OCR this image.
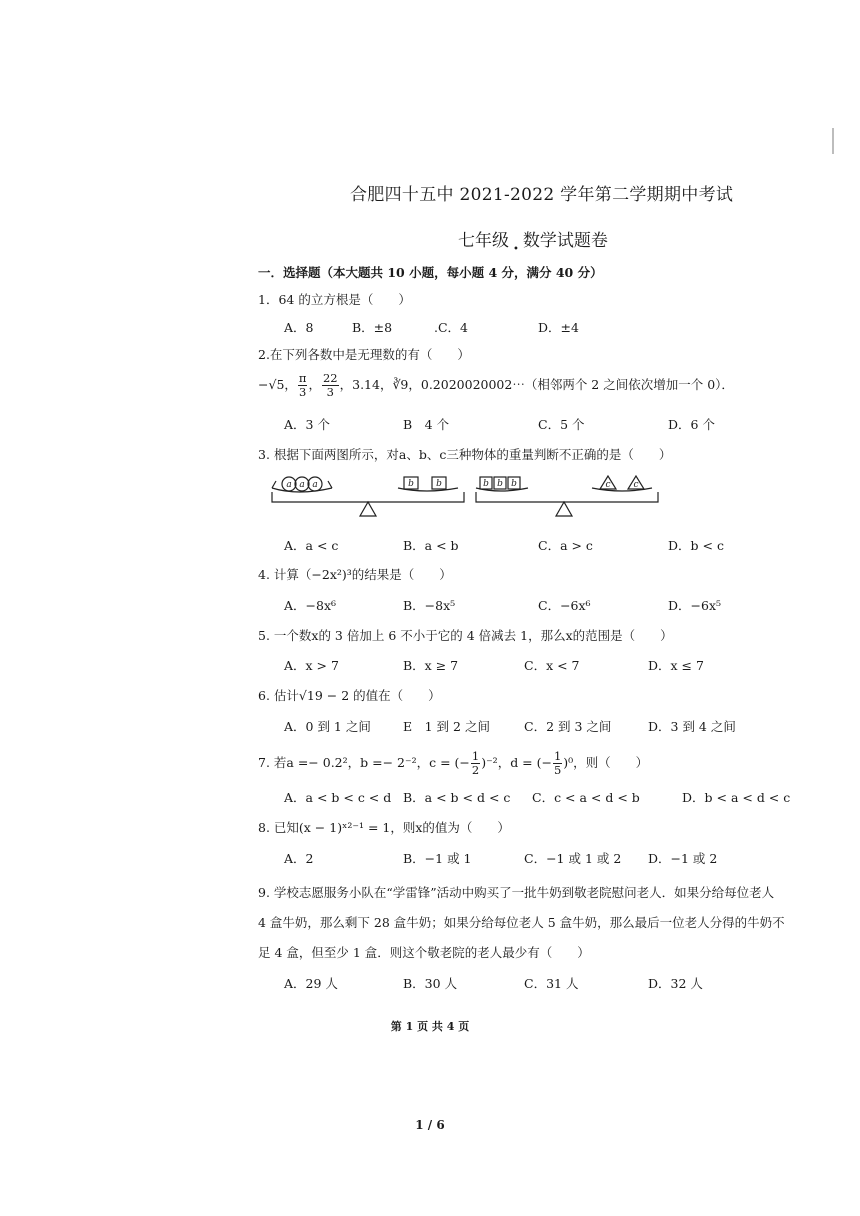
合肥四十五中 2021-2022 学年第二学期期中考试
七年级 $_•$ 数学试题卷
一．选择题（本大题共 10 小题，每小题 4 分，满分 40 分）
1．64 的立方根是（　　）
A．8	B．±8	.C．4	D．±4
2.在下列各数中是无理数的有（　　）
−√5， $\frac{\pi}{3}$ ， $\frac{22}{3}$ ，3.14，∛9，0.2020020002⋯（相邻两个 2 之间依次增加一个 0）．
A．3 个	B　4 个	C．5 个	D．6 个
3. 根据下面两图所示，对a、b、c三种物体的重量判断不正确的是（　　）
a a a	b b	b b b	c	c
A．a < c	B．a < b	C．a > c	D．b < c
4. 计算（−2x²)³的结果是（　　）
A．−8x⁶	B．−8x⁵	C．−6x⁶	D．−6x⁵
5. 一个数x的 3 倍加上 6 不小于它的 4 倍减去 1，那么x的范围是（　　）
A．x > 7	B．x ≥ 7	C．x < 7	D．x ≤ 7
6. 估计√19 − 2 的值在（　　）
A．0 到 1 之间	E　1 到 2 之间	C．2 到 3 之间	D．3 到 4 之间
7. 若a =− 0.2²，b =− 2⁻²，c = (− $\frac{1}{2} )^{-2}$，d = (− $\frac{1}{5} )^0$，则（　　）
A．a < b < c < d B．a < b < d < c C．c < a < d < b	D．b < a < d < c
8. 已知(x − 1)ˣ²⁻¹ = 1，则x的值为（　　）
A．2	B．−1 或 1	C．−1 或 1 或 2 D．−1 或 2
9. 学校志愿服务小队在“学雷锋”活动中购买了一批牛奶到敬老院慰问老人．如果分给每位老人
4 盒牛奶，那么剩下 28 盒牛奶；如果分给每位老人 5 盒牛奶，那么最后一位老人分得的牛奶不
足 4 盒，但至少 1 盒．则这个敬老院的老人最少有（　　）
A．29 人	B．30 人	C．31 人	D．32 人
第 1 页 共 4 页
1 / 6
